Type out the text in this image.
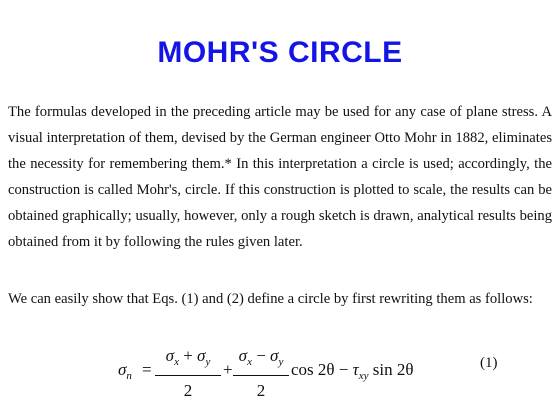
MOHR'S CIRCLE

The formulas developed in the preceding article may be used for any case of plane stress. A visual interpretation of them, devised by the German engineer Otto Mohr in 1882, eliminates the necessity for remembering them.* In this interpretation a circle is used; accordingly, the construction is called Mohr's, circle. If this construction is plotted to scale, the results can be obtained graphically; usually, however, only a rough sketch is drawn, analytical results being obtained from it by following the rules given later.

We can easily show that Eqs. (1) and (2) define a circle by first rewriting them as follows:

$\sigma_n$ =
$\sigma_x + \sigma_y$
2
+
$\sigma_x - \sigma_y$
2
$\cos 2\theta - \tau_{xy}$ sin 2θ	(1)
